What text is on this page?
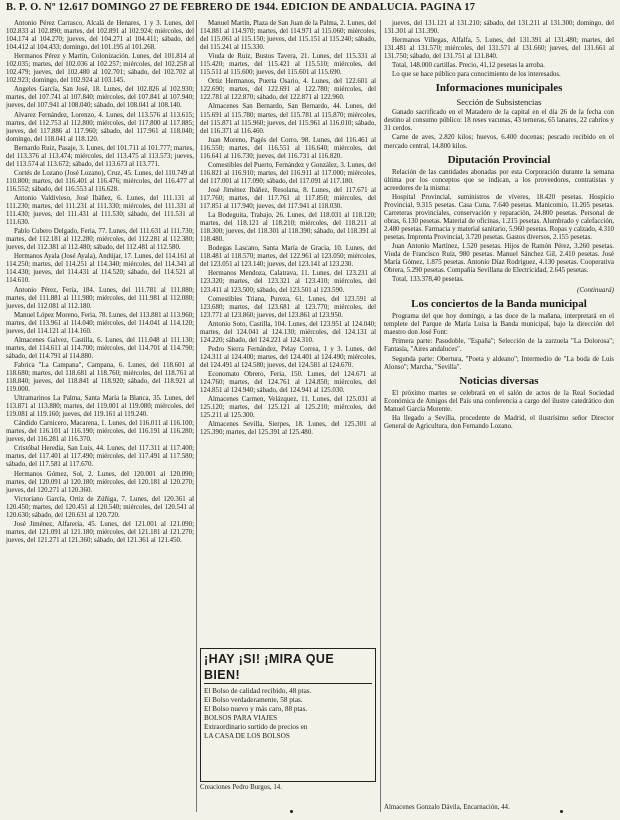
B. P. O. Nº 12.617 DOMINGO 27 DE FEBRERO DE 1944. EDICION DE ANDALUCIA. PAGINA 17

Antonio Pérez Carrasco, Alcalá de Henares, 1 y 3. Lunes, del 102.833 al 102.890; martes, del 102.891 al 102.924; miércoles, del 104.174 al 104.270; jueves, del 104.271 al 104.411; sábado, del 104.412 al 104.433; domingo, del 101.195 al 101.268.

Hermanos Pérez y Martín, Colonización. Lunes, del 101.814 al 102.035; martes, del 102.036 al 102.257; miércoles, del 102.258 al 102.479; jueves, del 102.480 al 102.701; sábado, del 102.702 al 102.923; domingo, del 102.924 al 103.145.

Angeles García, San José, 18. Lunes, del 102.826 al 102.930; martes, del 107.741 al 107.840; miércoles, del 107.841 al 107.940; jueves, del 107.941 al 108.040; sábado, del 108.041 al 108.140.

Alvarez Fernández, Lorenzo, 4. Lunes, del 113.576 al 113.615; martes, del 112.753 al 112.800; miércoles, del 117.800 al 117.885; jueves, del 117.886 al 117.960; sábado, del 117.961 al 118.040; domingo, del 118.041 al 118.120.

Bernardo Ruiz, Pasaje, 3. Lunes, del 101.711 al 101.777; martes, del 113.376 al 113.474; miércoles, del 113.475 al 113.573; jueves, del 113.574 al 113.672; sábado, del 113.673 al 113.771.

Cortés de Lozano (José Lozano), Cruz, 45. Lunes, del 110.749 al 110.800; martes, del 116.401 al 116.476; miércoles, del 116.477 al 116.552; sábado, del 116.553 al 116.628.

Antonio Valdivieso, José Ibáñez, 6. Lunes, del 111.131 al 111.230; martes, del 111.231 al 111.330; miércoles, del 111.331 al 111.430; jueves, del 111.431 al 111.530; sábado, del 111.531 al 111.630.

Pablo Cubero Delgado, Feria, 77. Lunes, del 111.631 al 111.730; martes, del 112.181 al 112.280; miércoles, del 112.281 al 112.380; jueves, del 112.381 al 112.480; sábado, del 112.481 al 112.580.

Hermanos Ayala (José Ayala), Andújar, 17. Lunes, del 114.161 al 114.250; martes, del 114.251 al 114.340; miércoles, del 114.341 al 114.430; jueves, del 114.431 al 114.520; sábado, del 114.521 al 114.610.

Antonio Pérez, Feria, 184. Lunes, del 111.781 al 111.880; martes, del 111.881 al 111.980; miércoles, del 111.981 al 112.080; jueves, del 112.081 al 112.180.

Manuel López Moreno, Feria, 78. Lunes, del 113.881 al 113.960; martes, del 113.961 al 114.040; miércoles, del 114.041 al 114.120; jueves, del 114.121 al 114.160.

Almacenes Galvez, Castilla, 6. Lunes, del 111.048 al 111.130; martes, del 114.611 al 114.700; miércoles, del 114.701 al 114.790; sábado, del 114.791 al 114.880.

Fabrica "La Campana", Campana, 6. Lunes, del 118.601 al 118.680; martes, del 118.681 al 118.760; miércoles, del 118.761 al 118.840; jueves, del 118.841 al 118.920; sábado, del 118.921 al 119.000.

Ultramarinos La Palma, Santa María la Blanca, 35. Lunes, del 113.871 al 113.880; martes, del 119.001 al 119.080; miércoles, del 119.081 al 119.160; jueves, del 119.161 al 119.240.

Cándido Carnicero, Macarena, 1. Lunes, del 116.011 al 116.100; martes, del 116.101 al 116.190; miércoles, del 116.191 al 116.280; jueves, del 116.281 al 116.370.

Cristóbal Heredia, San Luis, 44. Lunes, del 117.311 al 117.400; martes, del 117.401 al 117.490; miércoles, del 117.491 al 117.580; sábado, del 117.581 al 117.670.

Hermanos Gómez, Sol, 2. Lunes, del 120.001 al 120.090; martes, del 120.091 al 120.180; miércoles, del 120.181 al 120.270; jueves, del 120.271 al 120.360.

Victoriano García, Ortiz de Zúñiga, 7. Lunes, del 120.361 al 120.450; martes, del 120.451 al 120.540; miércoles, del 120.541 al 120.630; sábado, del 120.631 al 120.720.

José Jiménez, Alfarería, 45. Lunes, del 121.001 al 121.090; martes, del 121.091 al 121.180; miércoles, del 121.181 al 121.270; jueves, del 121.271 al 121.360; sábado, del 121.361 al 121.450.

Manuel Martín, Plaza de San Juan de la Palma, 2. Lunes, del 114.881 al 114.970; martes, del 114.971 al 115.060; miércoles, del 115.061 al 115.150; jueves, del 115.151 al 115.240; sábado, del 115.241 al 115.330.

Viuda de Ruiz, Bustos Tavera, 21. Lunes, del 115.331 al 115.420; martes, del 115.421 al 115.510; miércoles, del 115.511 al 115.600; jueves, del 115.601 al 115.690.

Ortiz Hermanos, Puerta Osario, 4. Lunes, del 122.601 al 122.690; martes, del 122.691 al 122.780; miércoles, del 122.781 al 122.870; sábado, del 122.871 al 122.960.

Almacenes San Bernardo, San Bernardo, 44. Lunes, del 115.691 al 115.780; martes, del 115.781 al 115.870; miércoles, del 115.871 al 115.960; jueves, del 115.961 al 116.010; sábado, del 116.371 al 116.460.

Juan Moreno, Pagés del Corro, 98. Lunes, del 116.461 al 116.550; martes, del 116.551 al 116.640; miércoles, del 116.641 al 116.730; jueves, del 116.731 al 116.820.

Comestibles del Puerto, Fernández y González, 3. Lunes, del 116.821 al 116.910; martes, del 116.911 al 117.000; miércoles, del 117.001 al 117.090; sábado, del 117.091 al 117.180.

José Jiménez Ibáñez, Resolana, 8. Lunes, del 117.671 al 117.760; martes, del 117.761 al 117.850; miércoles, del 117.851 al 117.940; jueves, del 117.941 al 118.030.

La Bodeguita, Trabajo, 26. Lunes, del 118.031 al 118.120; martes, del 118.121 al 118.210; miércoles, del 118.211 al 118.300; jueves, del 118.301 al 118.390; sábado, del 118.391 al 118.480.

Bodegas Lascano, Santa María de Gracia, 10. Lunes, del 118.481 al 118.570; martes, del 122.961 al 123.050; miércoles, del 123.051 al 123.140; jueves, del 123.141 al 123.230.

Hermanos Mendoza, Calatrava, 11. Lunes, del 123.231 al 123.320; martes, del 123.321 al 123.410; miércoles, del 123.411 al 123.500; sábado, del 123.501 al 123.590.

Comestibles Triana, Pureza, 61. Lunes, del 123.591 al 123.680; martes, del 123.681 al 123.770; miércoles, del 123.771 al 123.860; jueves, del 123.861 al 123.950.

Antonio Soto, Castilla, 104. Lunes, del 123.951 al 124.040; martes, del 124.041 al 124.130; miércoles, del 124.131 al 124.220; sábado, del 124.221 al 124.310.

Pedro Sierra Fernández, Pelay Correa, 1 y 3. Lunes, del 124.311 al 124.400; martes, del 124.401 al 124.490; miércoles, del 124.491 al 124.580; jueves, del 124.581 al 124.670.

Economato Obrero, Feria, 150. Lunes, del 124.671 al 124.760; martes, del 124.761 al 124.850; miércoles, del 124.851 al 124.940; sábado, del 124.941 al 125.030.

Almacenes Carmen, Velázquez, 11. Lunes, del 125.031 al 125.120; martes, del 125.121 al 125.210; miércoles, del 125.211 al 125.300.

Almacenes Sevilla, Sierpes, 18. Lunes, del 125.301 al 125.390; martes, del 125.391 al 125.480.

jueves, del 131.121 al 131.210; sábado, del 131.211 al 131.300; domingo, del 131.301 al 131.390.

Hermanos Villegas, Alfalfa, 5. Lunes, del 131.391 al 131.480; martes, del 131.481 al 131.570; miércoles, del 131.571 al 131.660; jueves, del 131.661 al 131.750; sábado, del 131.751 al 131.840.

Total, 148.000 cartillas. Precio, 41,12 pesetas la arroba.

Lo que se hace público para conocimiento de los interesados.

Informaciones municipales
Sección de Subsistencias

Ganado sacrificado en el Matadero de la capital en el día 26 de la fecha con destino al consumo público: 18 reses vacunas, 43 terneras, 65 lanares, 22 cabríos y 31 cerdos.

Carne de aves, 2.820 kilos; huevos, 6.400 docenas; pescado recibido en el mercado central, 14.800 kilos.

Diputación Provincial

Relación de las cantidades abonadas por esta Corporación durante la semana última por los conceptos que se indican, a los proveedores, contratistas y acreedores de la misma:

Hospital Provincial, suministros de víveres, 18.420 pesetas. Hospicio Provincial, 9.315 pesetas. Casa Cuna, 7.640 pesetas. Manicomio, 11.205 pesetas. Carreteras provinciales, conservación y reparación, 24.800 pesetas. Personal de obras, 6.130 pesetas. Material de oficinas, 1.215 pesetas. Alumbrado y calefacción, 2.480 pesetas. Farmacia y material sanitario, 5.960 pesetas. Ropas y calzado, 4.310 pesetas. Imprenta Provincial, 3.720 pesetas. Gastos diversos, 2.155 pesetas.

Juan Antonio Martínez, 1.520 pesetas. Hijos de Ramón Pérez, 3.260 pesetas. Viuda de Francisco Ruiz, 980 pesetas. Manuel Sánchez Gil, 2.410 pesetas. José María Gómez, 1.875 pesetas. Antonio Díaz Rodríguez, 4.130 pesetas. Cooperativa Obrera, 5.290 pesetas. Compañía Sevillana de Electricidad, 2.645 pesetas.

Total, 133.378,40 pesetas.

(Continuará)
Los conciertos de la Banda municipal

Programa del que hoy domingo, a las doce de la mañana, interpretará en el templete del Parque de María Luisa la Banda municipal, bajo la dirección del maestro don José Font:

Primera parte: Pasodoble, "España"; Selección de la zarzuela "La Dolorosa"; Fantasía, "Aires andaluces".

Segunda parte: Obertura, "Poeta y aldeano"; Intermedio de "La boda de Luis Alonso"; Marcha, "Sevilla".

Noticias diversas

El próximo martes se celebrará en el salón de actos de la Real Sociedad Económica de Amigos del País una conferencia a cargo del ilustre catedrático don Manuel García Morente.

Ha llegado a Sevilla, procedente de Madrid, el ilustrísimo señor Director General de Agricultura, don Fernando Lozano.

¡HAY ¡SI! ¡MIRA QUE BIEN!
El Bolso de calidad recibido, 48 ptas.
El Bolso verdaderamente, 58 ptas.
El Bolso nuevo y más caro, 88 ptas.
BOLSOS PARA VIAJES
Extraordinario surtido de precios en
LA CASA DE LOS BOLSOS
Creaciones Pedro Burgos, 14.
Almacenes Gonzalo Dávila, Encarnación, 44.
